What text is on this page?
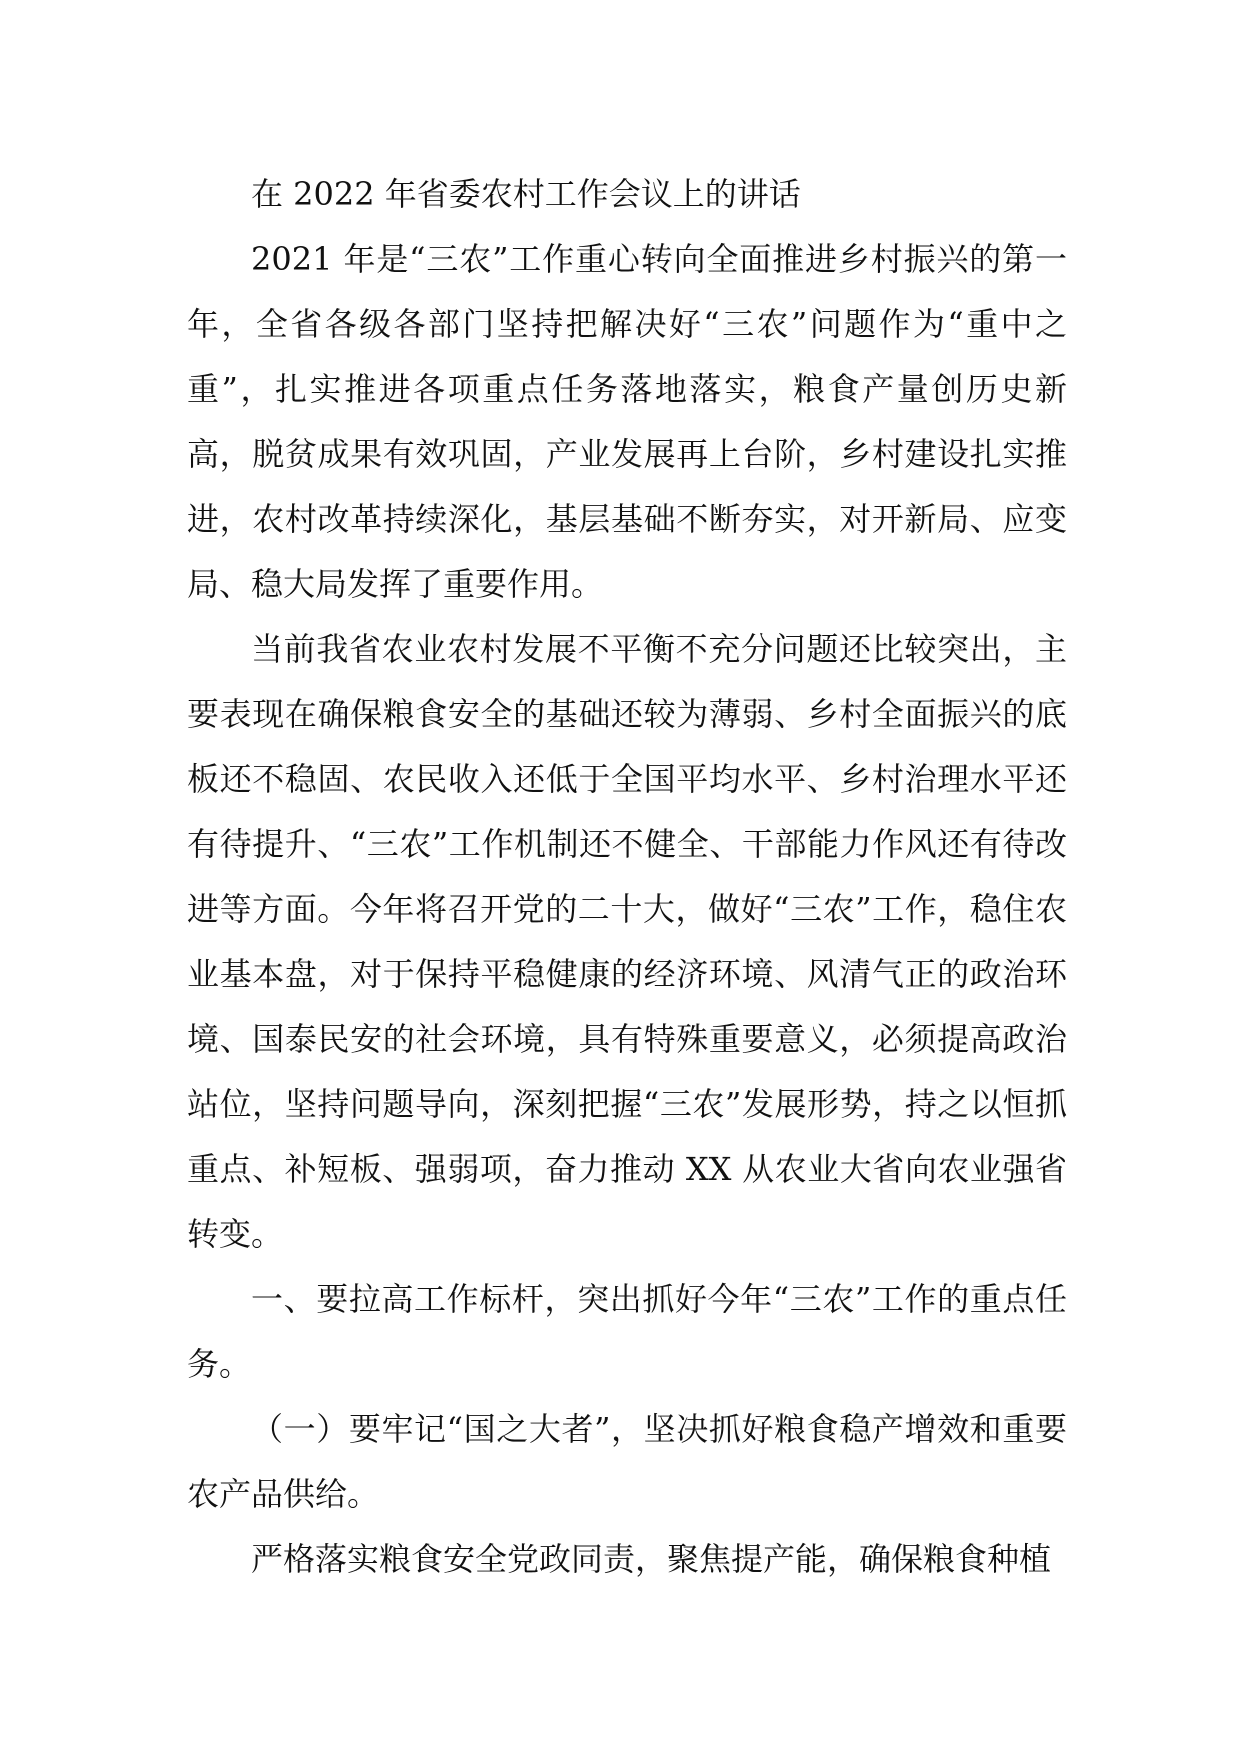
在 2022 年省委农村工作会议上的讲话

2021 年是“三农”工作重心转向全面推进乡村振兴的第一年，全省各级各部门坚持把解决好“三农”问题作为“重中之重”，扎实推进各项重点任务落地落实，粮食产量创历史新高，脱贫成果有效巩固，产业发展再上台阶，乡村建设扎实推进，农村改革持续深化，基层基础不断夯实，对开新局、应变局、稳大局发挥了重要作用。

当前我省农业农村发展不平衡不充分问题还比较突出，主要表现在确保粮食安全的基础还较为薄弱、乡村全面振兴的底板还不稳固、农民收入还低于全国平均水平、乡村治理水平还有待提升、“三农”工作机制还不健全、干部能力作风还有待改进等方面。今年将召开党的二十大，做好“三农”工作，稳住农业基本盘，对于保持平稳健康的经济环境、风清气正的政治环境、国泰民安的社会环境，具有特殊重要意义，必须提高政治站位，坚持问题导向，深刻把握“三农”发展形势，持之以恒抓重点、补短板、强弱项，奋力推动 XX 从农业大省向农业强省转变。

一、要拉高工作标杆，突出抓好今年“三农”工作的重点任务。

（一）要牢记“国之大者”，坚决抓好粮食稳产增效和重要农产品供给。

严格落实粮食安全党政同责，聚焦提产能，确保粮食种植
